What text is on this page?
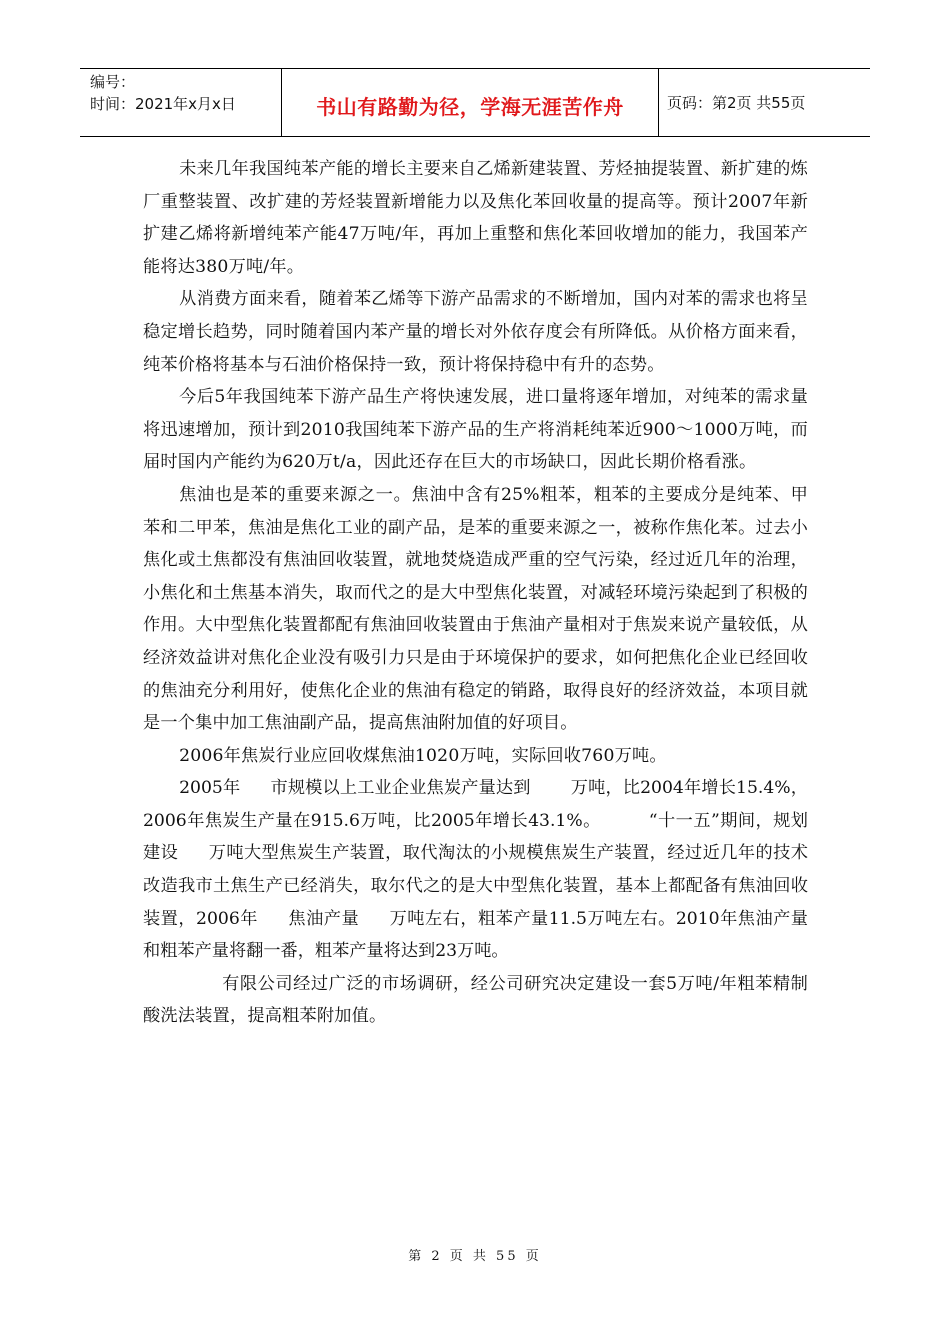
编号：
时间：2021年x月x日	书山有路勤为径，学海无涯苦作舟	页码：第2页 共55页

未来几年我国纯苯产能的增长主要来自乙烯新建装置、芳烃抽提装置、新扩建的炼厂重整装置、改扩建的芳烃装置新增能力以及焦化苯回收量的提高等。预计2007年新扩建乙烯将新增纯苯产能47万吨/年，再加上重整和焦化苯回收增加的能力，我国苯产能将达380万吨/年。

从消费方面来看，随着苯乙烯等下游产品需求的不断增加，国内对苯的需求也将呈稳定增长趋势，同时随着国内苯产量的增长对外依存度会有所降低。从价格方面来看，纯苯价格将基本与石油价格保持一致，预计将保持稳中有升的态势。

今后5年我国纯苯下游产品生产将快速发展，进口量将逐年增加，对纯苯的需求量将迅速增加，预计到2010我国纯苯下游产品的生产将消耗纯苯近900～1000万吨，而届时国内产能约为620万t/a，因此还存在巨大的市场缺口，因此长期价格看涨。

焦油也是苯的重要来源之一。焦油中含有25%粗苯，粗苯的主要成分是纯苯、甲苯和二甲苯，焦油是焦化工业的副产品，是苯的重要来源之一，被称作焦化苯。过去小焦化或土焦都没有焦油回收装置，就地焚烧造成严重的空气污染，经过近几年的治理，小焦化和土焦基本消失，取而代之的是大中型焦化装置，对减轻环境污染起到了积极的作用。大中型焦化装置都配有焦油回收装置由于焦油产量相对于焦炭来说产量较低，从经济效益讲对焦化企业没有吸引力只是由于环境保护的要求，如何把焦化企业已经回收的焦油充分利用好，使焦化企业的焦油有稳定的销路，取得良好的经济效益，本项目就是一个集中加工焦油副产品，提高焦油附加值的好项目。

2006年焦炭行业应回收煤焦油1020万吨，实际回收760万吨。

2005年 市规模以上工业企业焦炭产量达到 万吨，比2004年增长15.4%，2006年焦炭生产量在915.6万吨，比2005年增长43.1%。	“十一五”期间，规划建设 万吨大型焦炭生产装置，取代淘汰的小规模焦炭生产装置，经过近几年的技术改造我市土焦生产已经消失，取尔代之的是大中型焦化装置，基本上都配备有焦油回收装置，2006年 焦油产量 万吨左右，粗苯产量11.5万吨左右。2010年焦油产量和粗苯产量将翻一番，粗苯产量将达到23万吨。

有限公司经过广泛的市场调研，经公司研究决定建设一套5万吨/年粗苯精制酸洗法装置，提高粗苯附加值。

第 2 页 共 55 页
